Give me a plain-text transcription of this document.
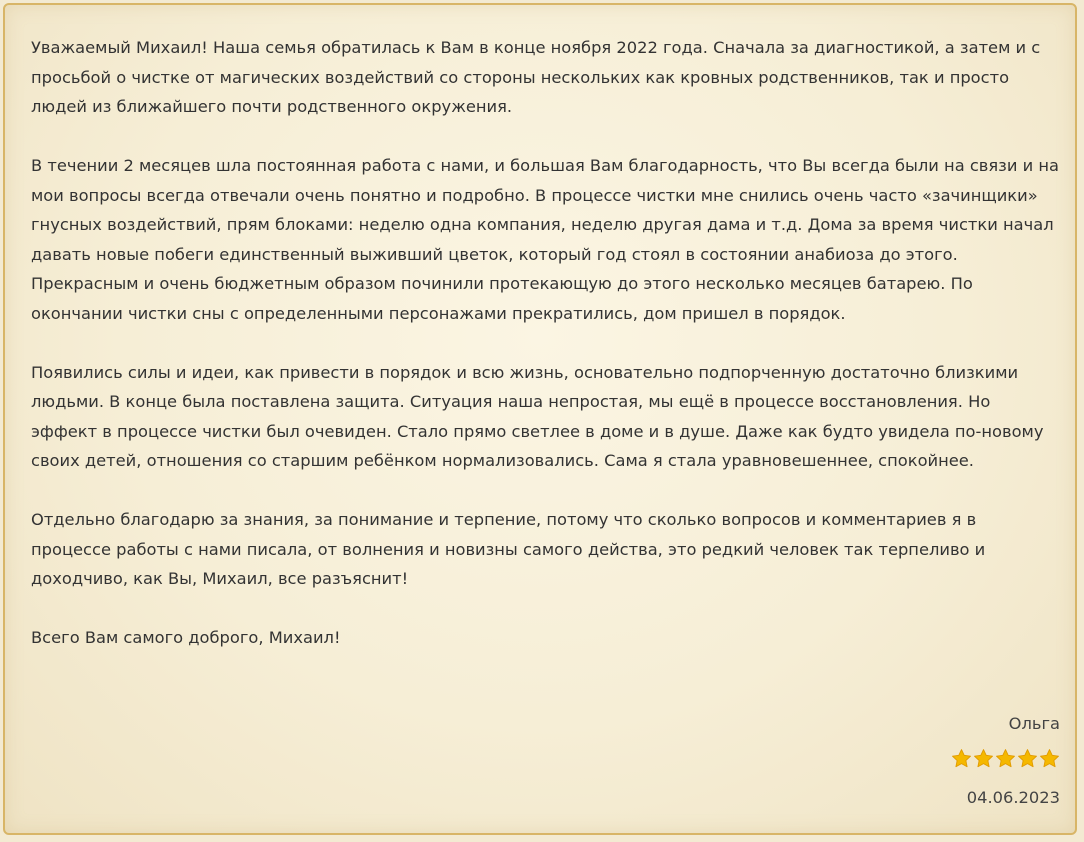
Уважаемый Михаил! Наша семья обратилась к Вам в конце ноября 2022 года. Сначала за диагностикой, а затем и с просьбой о чистке от магических воздействий со стороны нескольких как кровных родственников, так и просто людей из ближайшего почти родственного окружения.

В течении 2 месяцев шла постоянная работа с нами, и большая Вам благодарность, что Вы всегда были на связи и на мои вопросы всегда отвечали очень понятно и подробно. В процессе чистки мне снились очень часто «зачинщики» гнусных воздействий, прям блоками: неделю одна компания, неделю другая дама и т.д. Дома за время чистки начал давать новые побеги единственный выживший цветок, который год стоял в состоянии анабиоза до этого. Прекрасным и очень бюджетным образом починили протекающую до этого несколько месяцев батарею. По окончании чистки сны с определенными персонажами прекратились, дом пришел в порядок.

Появились силы и идеи, как привести в порядок и всю жизнь, основательно подпорченную достаточно близкими людьми. В конце была поставлена защита. Ситуация наша непростая, мы ещё в процессе восстановления. Но эффект в процессе чистки был очевиден. Стало прямо светлее в доме и в душе. Даже как будто увидела по-новому своих детей, отношения со старшим ребёнком нормализовались. Сама я стала уравновешеннее, спокойнее.

Отдельно благодарю за знания, за понимание и терпение, потому что сколько вопросов и комментариев я в процессе работы с нами писала, от волнения и новизны самого действа, это редкий человек так терпеливо и доходчиво, как Вы, Михаил, все разъяснит!

Всего Вам самого доброго, Михаил!

Ольга
04.06.2023
